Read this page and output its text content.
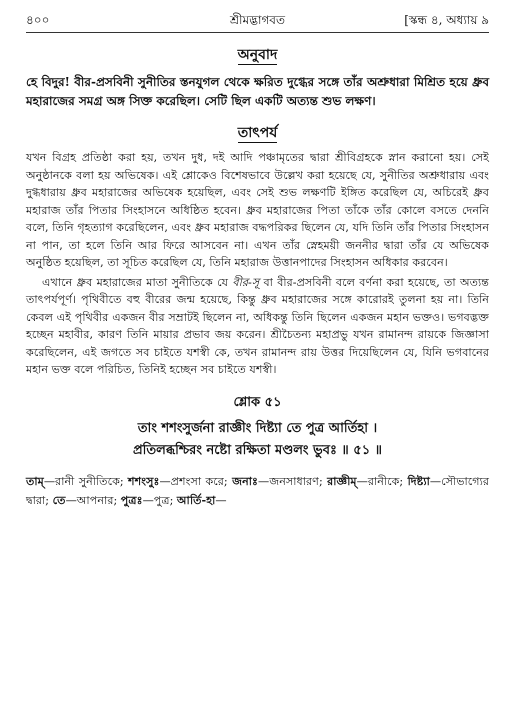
৪০০	শ্রীমদ্ভাগবত	[স্কন্ধ ৪, অধ্যায় ৯
অনুবাদ
হে বিদুর! বীর-প্রসবিনী সুনীতির স্তনযুগল থেকে ক্ষরিত দুগ্ধের সঙ্গে তাঁর অশ্রুধারা মিশ্রিত হয়ে ধ্রুব মহারাজের সমগ্র অঙ্গ সিক্ত করেছিল। সেটি ছিল একটি অত্যন্ত শুভ লক্ষণ।
তাৎপর্য

যখন বিগ্রহ প্রতিষ্ঠা করা হয়, তখন দুধ, দই আদি পঞ্চামৃতের দ্বারা শ্রীবিগ্রহকে স্নান করানো হয়। সেই অনুষ্ঠানকে বলা হয় অভিষেক। এই শ্লোকেও বিশেষভাবে উল্লেখ করা হয়েছে যে, সুনীতির অশ্রুধারায় এবং দুগ্ধধারায় ধ্রুব মহারাজের অভিষেক হয়েছিল, এবং সেই শুভ লক্ষণটি ইঙ্গিত করেছিল যে, অচিরেই ধ্রুব মহারাজ তাঁর পিতার সিংহাসনে অধিষ্ঠিত হবেন। ধ্রুব মহারাজের পিতা তাঁকে তাঁর কোলে বসতে দেননি বলে, তিনি গৃহত্যাগ করেছিলেন, এবং ধ্রুব মহারাজ বদ্ধপরিকর ছিলেন যে, যদি তিনি তাঁর পিতার সিংহাসন না পান, তা হলে তিনি আর ফিরে আসবেন না। এখন তাঁর স্নেহময়ী জননীর দ্বারা তাঁর যে অভিষেক অনুষ্ঠিত হয়েছিল, তা সূচিত করেছিল যে, তিনি মহারাজ উত্তানপাদের সিংহাসন অধিকার করবেন।

এখানে ধ্রুব মহারাজের মাতা সুনীতিকে যে বীর-সূ বা বীর-প্রসবিনী বলে বর্ণনা করা হয়েছে, তা অত্যন্ত তাৎপর্যপূর্ণ। পৃথিবীতে বহু বীরের জন্ম হয়েছে, কিন্তু ধ্রুব মহারাজের সঙ্গে কারোরই তুলনা হয় না। তিনি কেবল এই পৃথিবীর একজন বীর সম্রাটই ছিলেন না, অধিকন্তু তিনি ছিলেন একজন মহান ভক্তও। ভগবদ্ভক্ত হচ্ছেন মহাবীর, কারণ তিনি মায়ার প্রভাব জয় করেন। শ্রীচৈতন্য মহাপ্রভু যখন রামানন্দ রায়কে জিজ্ঞাসা করেছিলেন, এই জগতে সব চাইতে যশস্বী কে, তখন রামানন্দ রায় উত্তর দিয়েছিলেন যে, যিনি ভগবানের মহান ভক্ত বলে পরিচিত, তিনিই হচ্ছেন সব চাইতে যশস্বী।

শ্লোক ৫১
তাং শশংসুর্জনা রাজ্ঞীং দিষ্ট্যা তে পুত্র আর্তিহা ।
প্রতিলব্ধশ্চিরং নষ্টো রক্ষিতা মণ্ডলং ভুবঃ ॥ ৫১ ॥
তাম্—রানী সুনীতিকে; শশংসুঃ—প্রশংসা করে; জনাঃ—জনসাধারণ; রাজ্ঞীম্—রানীকে; দিষ্ট্যা—সৌভাগ্যের দ্বারা; তে—আপনার; পুত্রঃ—পুত্র; আর্তি-হা—
